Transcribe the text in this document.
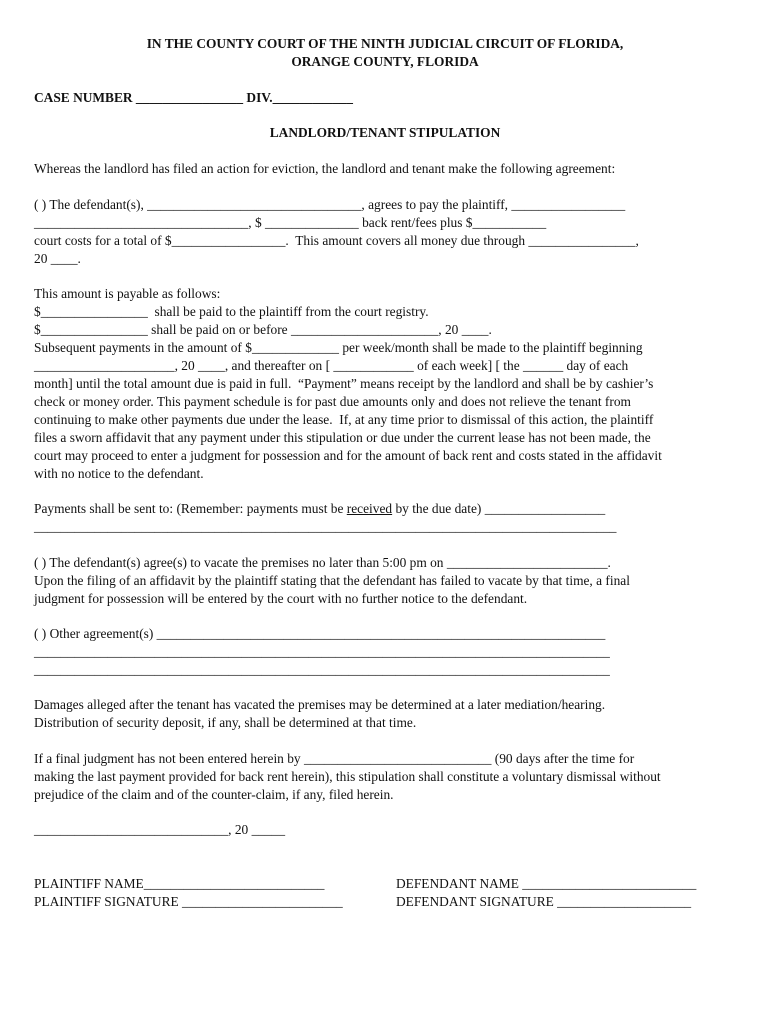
IN THE COUNTY COURT OF THE NINTH JUDICIAL CIRCUIT OF FLORIDA,
ORANGE COUNTY, FLORIDA
CASE NUMBER ________________ DIV.____________
LANDLORD/TENANT STIPULATION
Whereas the landlord has filed an action for eviction, the landlord and tenant make the following agreement:
( ) The defendant(s), ________________________________, agrees to pay the plaintiff, _________________
________________________________, $ ______________ back rent/fees plus $___________
court costs for a total of $_________________.  This amount covers all money due through ________________,
20 ____.
This amount is payable as follows:
$________________  shall be paid to the plaintiff from the court registry.
$________________ shall be paid on or before ______________________, 20 ____.
Subsequent payments in the amount of $_____________ per week/month shall be made to the plaintiff beginning
_____________________, 20 ____, and thereafter on [ ____________ of each week] [ the ______ day of each
month] until the total amount due is paid in full.  “Payment” means receipt by the landlord and shall be by cashier’s
check or money order. This payment schedule is for past due amounts only and does not relieve the tenant from
continuing to make other payments due under the lease.  If, at any time prior to dismissal of this action, the plaintiff
files a sworn affidavit that any payment under this stipulation or due under the current lease has not been made, the
court may proceed to enter a judgment for possession and for the amount of back rent and costs stated in the affidavit
with no notice to the defendant.
Payments shall be sent to: (Remember: payments must be received by the due date) __________________
_______________________________________________________________________________________
( ) The defendant(s) agree(s) to vacate the premises no later than 5:00 pm on ________________________.
Upon the filing of an affidavit by the plaintiff stating that the defendant has failed to vacate by that time, a final
judgment for possession will be entered by the court with no further notice to the defendant.
( ) Other agreement(s) ___________________________________________________________________
______________________________________________________________________________________
______________________________________________________________________________________
Damages alleged after the tenant has vacated the premises may be determined at a later mediation/hearing.
Distribution of security deposit, if any, shall be determined at that time.
If a final judgment has not been entered herein by ____________________________ (90 days after the time for
making the last payment provided for back rent herein), this stipulation shall constitute a voluntary dismissal without
prejudice of the claim and of the counter-claim, if any, filed herein.
_____________________________, 20 _____
PLAINTIFF NAME___________________________
PLAINTIFF SIGNATURE ________________________
DEFENDANT NAME __________________________
DEFENDANT SIGNATURE ____________________
